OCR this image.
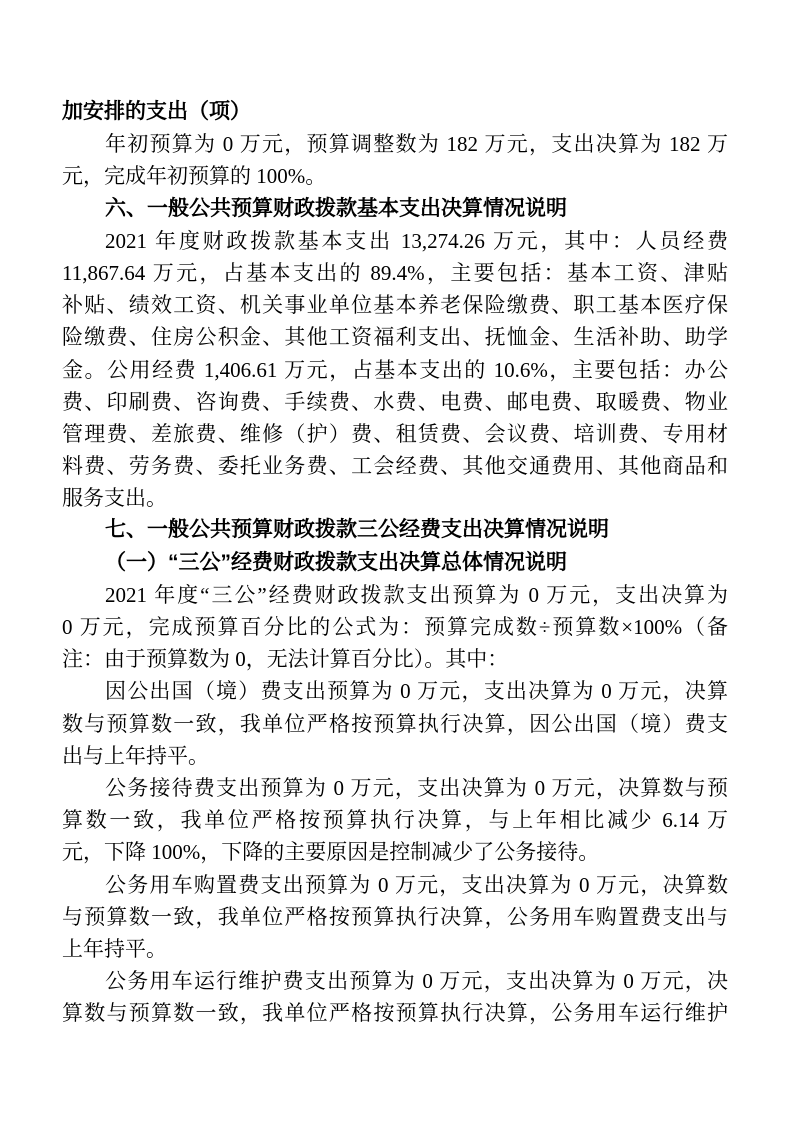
加安排的支出（项）
年初预算为 0 万元，预算调整数为 182 万元，支出决算为 182 万
元，完成年初预算的 100%。
六、一般公共预算财政拨款基本支出决算情况说明
2021 年度财政拨款基本支出 13,274.26 万元，其中：人员经费
11,867.64 万元，占基本支出的 89.4%，主要包括：基本工资、津贴
补贴、绩效工资、机关事业单位基本养老保险缴费、职工基本医疗保
险缴费、住房公积金、其他工资福利支出、抚恤金、生活补助、助学
金。公用经费 1,406.61 万元，占基本支出的 10.6%，主要包括：办公
费、印刷费、咨询费、手续费、水费、电费、邮电费、取暖费、物业
管理费、差旅费、维修（护）费、租赁费、会议费、培训费、专用材
料费、劳务费、委托业务费、工会经费、其他交通费用、其他商品和
服务支出。
七、一般公共预算财政拨款三公经费支出决算情况说明
（一）“三公”经费财政拨款支出决算总体情况说明
2021 年度“三公”经费财政拨款支出预算为 0 万元，支出决算为
0 万元，完成预算百分比的公式为：预算完成数÷预算数×100%（备
注：由于预算数为 0，无法计算百分比）。其中：
因公出国（境）费支出预算为 0 万元，支出决算为 0 万元，决算
数与预算数一致，我单位严格按预算执行决算，因公出国（境）费支
出与上年持平。
公务接待费支出预算为 0 万元，支出决算为 0 万元，决算数与预
算数一致，我单位严格按预算执行决算，与上年相比减少 6.14 万
元，下降 100%，下降的主要原因是控制减少了公务接待。
公务用车购置费支出预算为 0 万元，支出决算为 0 万元，决算数
与预算数一致，我单位严格按预算执行决算，公务用车购置费支出与
上年持平。
公务用车运行维护费支出预算为 0 万元，支出决算为 0 万元，决
算数与预算数一致，我单位严格按预算执行决算，公务用车运行维护
